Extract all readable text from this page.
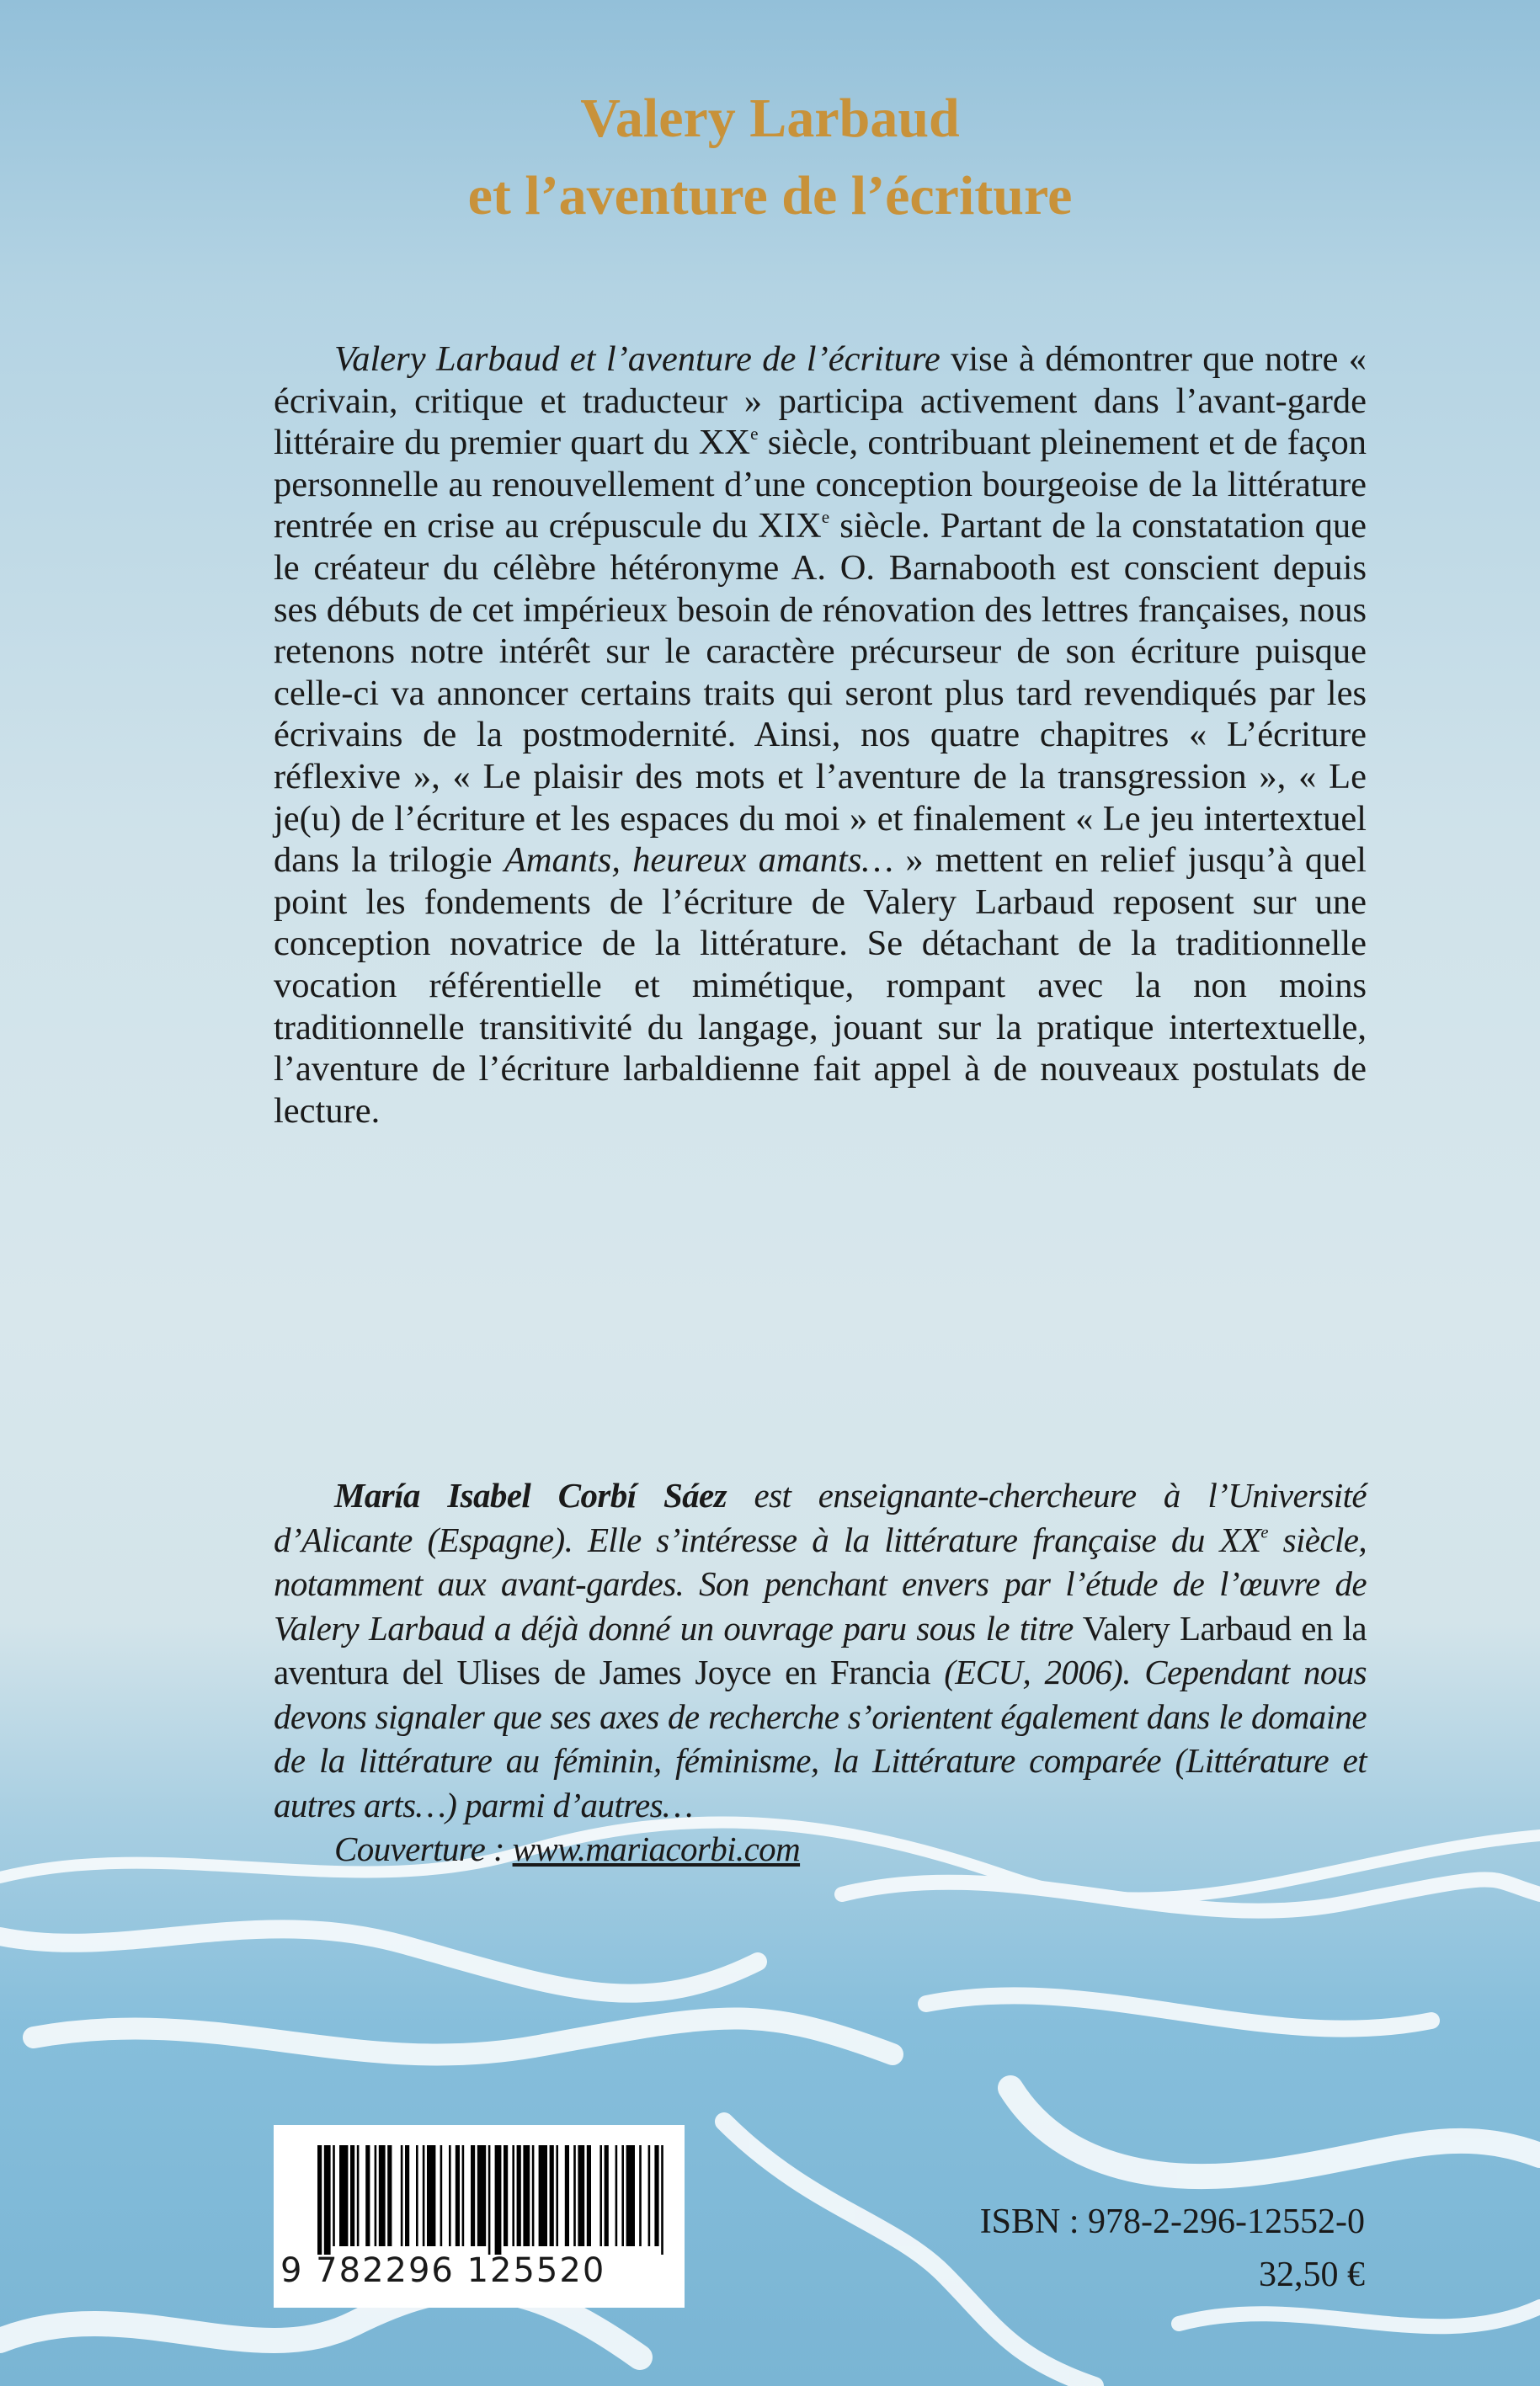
Valery Larbaud
et l’aventure de l’écriture
Valery Larbaud et l’aventure de l’écriture vise à démontrer que notre « écrivain, critique et traducteur » participa activement dans l’avant-garde littéraire du premier quart du XXe siècle, contribuant pleinement et de façon personnelle au renouvellement d’une conception bourgeoise de la littérature rentrée en crise au crépuscule du XIXe siècle. Partant de la constatation que le créateur du célèbre hétéronyme A. O. Barnabooth est conscient depuis ses débuts de cet impérieux besoin de rénovation des lettres françaises, nous retenons notre intérêt sur le caractère précurseur de son écriture puisque celle-ci va annoncer certains traits qui seront plus tard revendiqués par les écrivains de la postmodernité. Ainsi, nos quatre chapitres « L’écriture réflexive », « Le plaisir des mots et l’aventure de la transgression », « Le je(u) de l’écriture et les espaces du moi » et finalement « Le jeu intertextuel dans la trilogie Amants, heureux amants… » mettent en relief jusqu’à quel point les fondements de l’écriture de Valery Larbaud reposent sur une conception novatrice de la littérature. Se détachant de la traditionnelle vocation référentielle et mimétique, rompant avec la non moins traditionnelle transitivité du langage, jouant sur la pratique intertextuelle, l’aventure de l’écriture larbaldienne fait appel à de nouveaux postulats de lecture.
María Isabel Corbí Sáez est enseignante-chercheure à l’Université d’Alicante (Espagne). Elle s’intéresse à la littérature française du XXe siècle, notamment aux avant-gardes. Son penchant envers par l’étude de l’œuvre de Valery Larbaud a déjà donné un ouvrage paru sous le titre Valery Larbaud en la aventura del Ulises de James Joyce en Francia (ECU, 2006). Cependant nous devons signaler que ses axes de recherche s’orientent également dans le domaine de la littérature au féminin, féminisme, la Littérature comparée (Littérature et autres arts…) parmi d’autres…
Couverture : www.mariacorbi.com
9 782296 125520
ISBN : 978-2-296-12552-0
32,50 €
